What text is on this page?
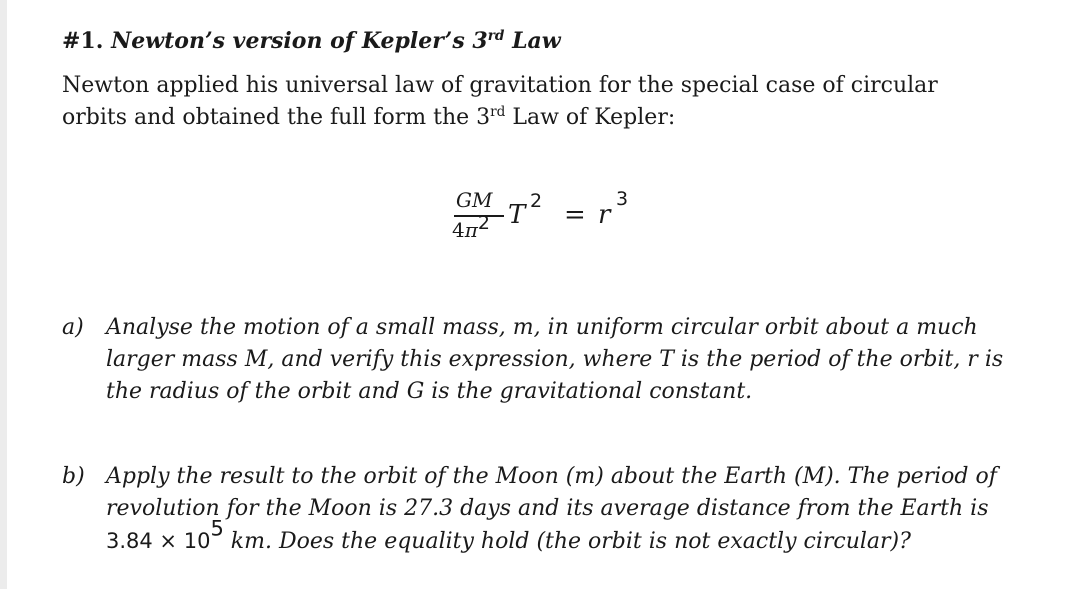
#1. Newton’s version of Kepler’s 3rd Law

Newton applied his universal law of gravitation for the special case of circular
orbits and obtained the full form the 3rd Law of Kepler:

GM
4π2 T 2 = r
3
a) Analyse the motion of a small mass, m, in uniform circular orbit about a much
larger mass M, and verify this expression, where T is the period of the orbit, r is
the radius of the orbit and G is the gravitational constant.
b) Apply the result to the orbit of the Moon (m) about the Earth (M). The period of
revolution for the Moon is 27.3 days and its average distance from the Earth is
$3.84 \times 10^5$ km. Does the equality hold (the orbit is not exactly circular)?
